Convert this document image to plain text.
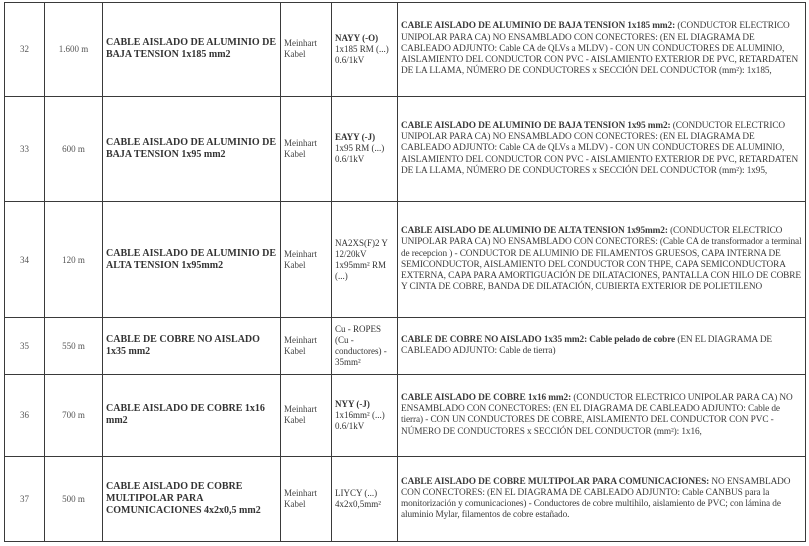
32	1.600 m	CABLE AISLADO DE ALUMINIO DE BAJA TENSION 1x185 mm2	Meinhart Kabel	NAYY (-O) 1x185 RM (...) 0.6/1kV	CABLE AISLADO DE ALUMINIO DE BAJA TENSION 1x185 mm2: (CONDUCTOR ELECTRICO UNIPOLAR PARA CA) NO ENSAMBLADO CON CONECTORES: (EN EL DIAGRAMA DE CABLEADO ADJUNTO: Cable CA de QLVs a MLDV) - CON UN CONDUCTORES DE ALUMINIO, AISLAMIENTO DEL CONDUCTOR CON PVC - AISLAMIENTO EXTERIOR DE PVC, RETARDATEN DE LA LLAMA, NÚMERO DE CONDUCTORES x SECCIÓN DEL CONDUCTOR (mm²): 1x185,
33	600 m	CABLE AISLADO DE ALUMINIO DE BAJA TENSION 1x95 mm2	Meinhart Kabel	EAYY (-J) 1x95 RM (...) 0.6/1kV	CABLE AISLADO DE ALUMINIO DE BAJA TENSION 1x95 mm2: (CONDUCTOR ELECTRICO UNIPOLAR PARA CA) NO ENSAMBLADO CON CONECTORES: (EN EL DIAGRAMA DE CABLEADO ADJUNTO: Cable CA de QLVs a MLDV) - CON UN CONDUCTORES DE ALUMINIO, AISLAMIENTO DEL CONDUCTOR CON PVC - AISLAMIENTO EXTERIOR DE PVC, RETARDATEN DE LA LLAMA, NÚMERO DE CONDUCTORES x SECCIÓN DEL CONDUCTOR (mm²): 1x95,
34	120 m	CABLE AISLADO DE ALUMINIO DE ALTA TENSION 1x95mm2	Meinhart Kabel	NA2XS(F)2 Y 12/20kV 1x95mm² RM (...)	CABLE AISLADO DE ALUMINIO DE ALTA TENSION 1x95mm2: (CONDUCTOR ELECTRICO UNIPOLAR PARA CA) NO ENSAMBLADO CON CONECTORES: (Cable CA de transformador a terminal de recepcion ) - CONDUCTOR DE ALUMINIO DE FILAMENTOS GRUESOS, CAPA INTERNA DE SEMICONDUCTOR, AISLAMIENTO DEL CONDUCTOR CON THPE, CAPA SEMICONDUCTORA EXTERNA, CAPA PARA AMORTIGUACIÓN DE DILATACIONES, PANTALLA CON HILO DE COBRE Y CINTA DE COBRE, BANDA DE DILATACIÓN, CUBIERTA EXTERIOR DE POLIETILENO
35	550 m	CABLE DE COBRE NO AISLADO 1x35 mm2	Meinhart Kabel	Cu - ROPES (Cu - conductores) - 35mm²	CABLE DE COBRE NO AISLADO 1x35 mm2: Cable pelado de cobre (EN EL DIAGRAMA DE CABLEADO ADJUNTO: Cable de tierra)
36	700 m	CABLE AISLADO DE COBRE 1x16 mm2	Meinhart Kabel	NYY (-J) 1x16mm² (...) 0.6/1kV	CABLE AISLADO DE COBRE 1x16 mm2: (CONDUCTOR ELECTRICO UNIPOLAR PARA CA) NO ENSAMBLADO CON CONECTORES: (EN EL DIAGRAMA DE CABLEADO ADJUNTO: Cable de tierra) - CON UN CONDUCTORES DE COBRE, AISLAMIENTO DEL CONDUCTOR CON PVC - NÚMERO DE CONDUCTORES x SECCIÓN DEL CONDUCTOR (mm²): 1x16,
37	500 m	CABLE AISLADO DE COBRE MULTIPOLAR PARA COMUNICACIONES 4x2x0,5 mm2	Meinhart Kabel	LIYCY (...) 4x2x0,5mm²	CABLE AISLADO DE COBRE MULTIPOLAR PARA COMUNICACIONES: NO ENSAMBLADO CON CONECTORES: (EN EL DIAGRAMA DE CABLEADO ADJUNTO: Cable CANBUS para la monitorización y comunicaciones) - Conductores de cobre multihilo, aislamiento de PVC; con lámina de aluminio Mylar, filamentos de cobre estañado.
